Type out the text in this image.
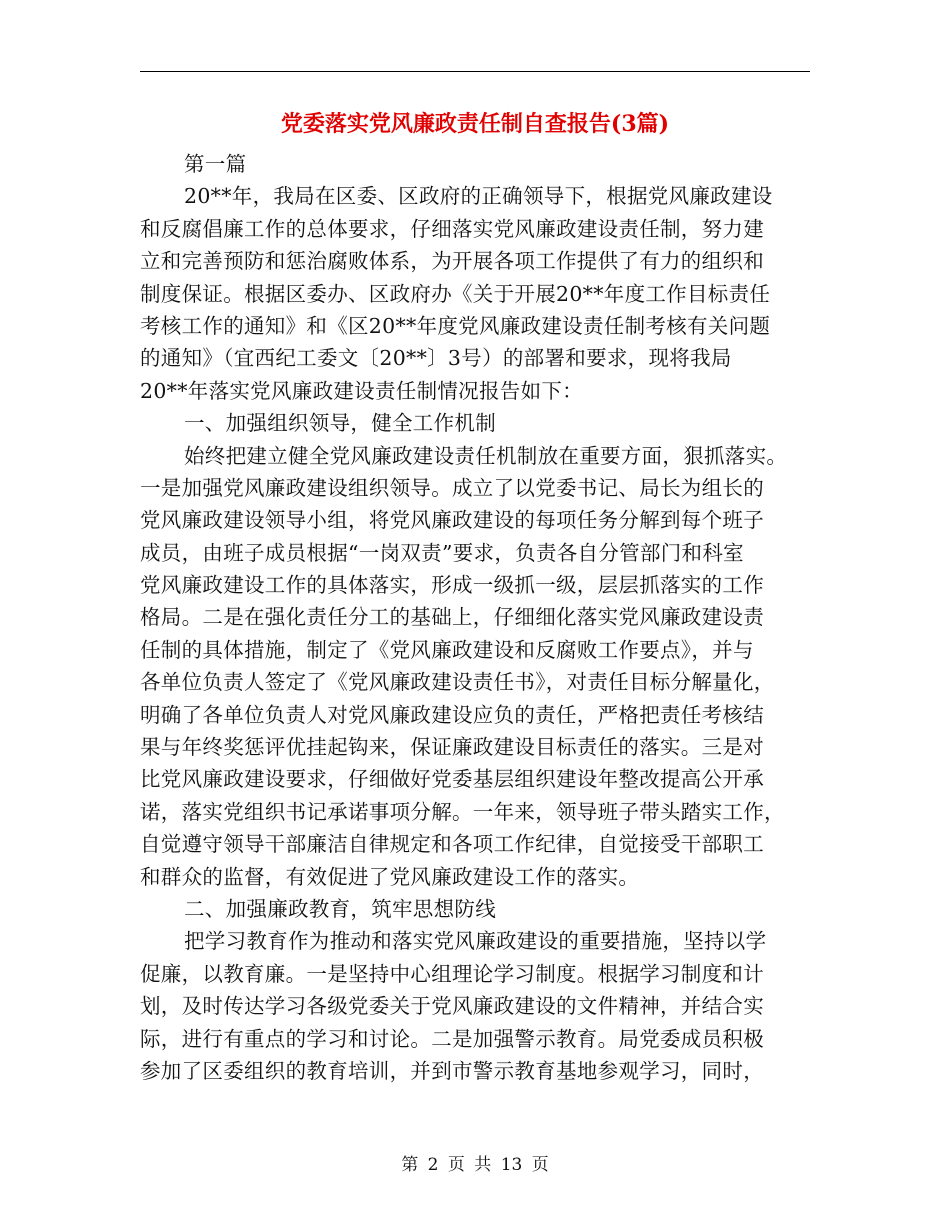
党委落实党风廉政责任制自查报告(3篇)
第一篇
20**年，我局在区委、区政府的正确领导下，根据党风廉政建设
和反腐倡廉工作的总体要求，仔细落实党风廉政建设责任制，努力建
立和完善预防和惩治腐败体系，为开展各项工作提供了有力的组织和
制度保证。根据区委办、区政府办《关于开展20**年度工作目标责任
考核工作的通知》和《区20**年度党风廉政建设责任制考核有关问题
的通知》（宜西纪工委文〔20**〕3号）的部署和要求，现将我局
20**年落实党风廉政建设责任制情况报告如下：
一、加强组织领导，健全工作机制
始终把建立健全党风廉政建设责任机制放在重要方面，狠抓落实。
一是加强党风廉政建设组织领导。成立了以党委书记、局长为组长的
党风廉政建设领导小组，将党风廉政建设的每项任务分解到每个班子
成员，由班子成员根据“一岗双责”要求，负责各自分管部门和科室
党风廉政建设工作的具体落实，形成一级抓一级，层层抓落实的工作
格局。二是在强化责任分工的基础上，仔细细化落实党风廉政建设责
任制的具体措施，制定了《党风廉政建设和反腐败工作要点》，并与
各单位负责人签定了《党风廉政建设责任书》，对责任目标分解量化，
明确了各单位负责人对党风廉政建设应负的责任，严格把责任考核结
果与年终奖惩评优挂起钩来，保证廉政建设目标责任的落实。三是对
比党风廉政建设要求，仔细做好党委基层组织建设年整改提高公开承
诺，落实党组织书记承诺事项分解。一年来，领导班子带头踏实工作，
自觉遵守领导干部廉洁自律规定和各项工作纪律，自觉接受干部职工
和群众的监督，有效促进了党风廉政建设工作的落实。
二、加强廉政教育，筑牢思想防线
把学习教育作为推动和落实党风廉政建设的重要措施，坚持以学
促廉，以教育廉。一是坚持中心组理论学习制度。根据学习制度和计
划，及时传达学习各级党委关于党风廉政建设的文件精神，并结合实
际，进行有重点的学习和讨论。二是加强警示教育。局党委成员积极
参加了区委组织的教育培训，并到市警示教育基地参观学习，同时，
第 2 页 共 13 页
